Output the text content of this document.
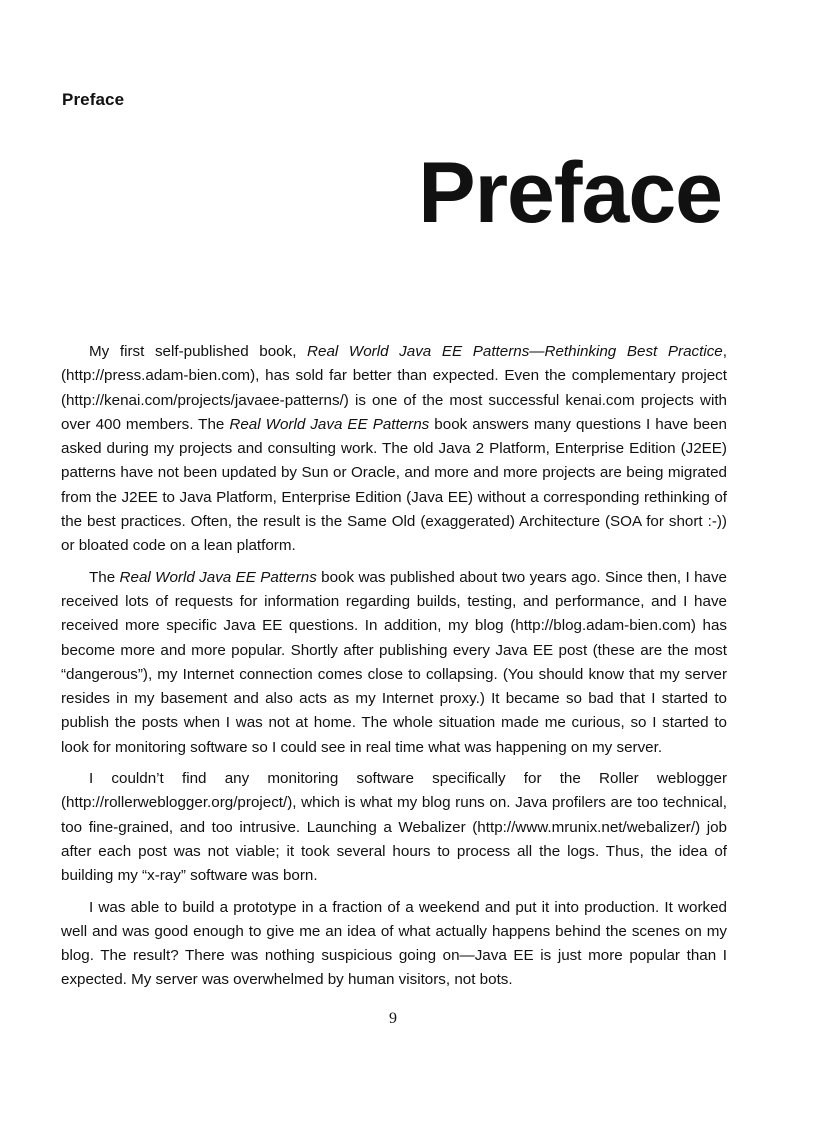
Preface
Preface

My first self-published book, Real World Java EE Patterns—Rethinking Best Practice, (http://press.adam-bien.com), has sold far better than expected. Even the complementary project (http://kenai.com/projects/javaee-patterns/) is one of the most successful kenai.com projects with over 400 members. The Real World Java EE Patterns book answers many questions I have been asked during my projects and consulting work. The old Java 2 Platform, Enterprise Edition (J2EE) patterns have not been updated by Sun or Oracle, and more and more projects are being migrated from the J2EE to Java Platform, Enterprise Edition (Java EE) without a corresponding rethinking of the best practices. Often, the result is the Same Old (exaggerated) Architecture (SOA for short :-)) or bloated code on a lean platform.

The Real World Java EE Patterns book was published about two years ago. Since then, I have received lots of requests for information regarding builds, testing, and performance, and I have received more specific Java EE questions. In addition, my blog (http://blog.adam-bien.com) has become more and more popular. Shortly after publishing every Java EE post (these are the most “dangerous”), my Internet connection comes close to collapsing. (You should know that my server resides in my basement and also acts as my Internet proxy.) It became so bad that I started to publish the posts when I was not at home. The whole situation made me curious, so I started to look for monitoring software so I could see in real time what was happening on my server.

I couldn’t find any monitoring software specifically for the Roller weblogger (http://rollerweblogger.org/project/), which is what my blog runs on. Java profilers are too technical, too fine-grained, and too intrusive. Launching a Webalizer (http://www.mrunix.net/webalizer/) job after each post was not viable; it took several hours to process all the logs. Thus, the idea of building my “x-ray” software was born.

I was able to build a prototype in a fraction of a weekend and put it into production. It worked well and was good enough to give me an idea of what actually happens behind the scenes on my blog. The result? There was nothing suspicious going on—Java EE is just more popular than I expected. My server was overwhelmed by human visitors, not bots.

9
